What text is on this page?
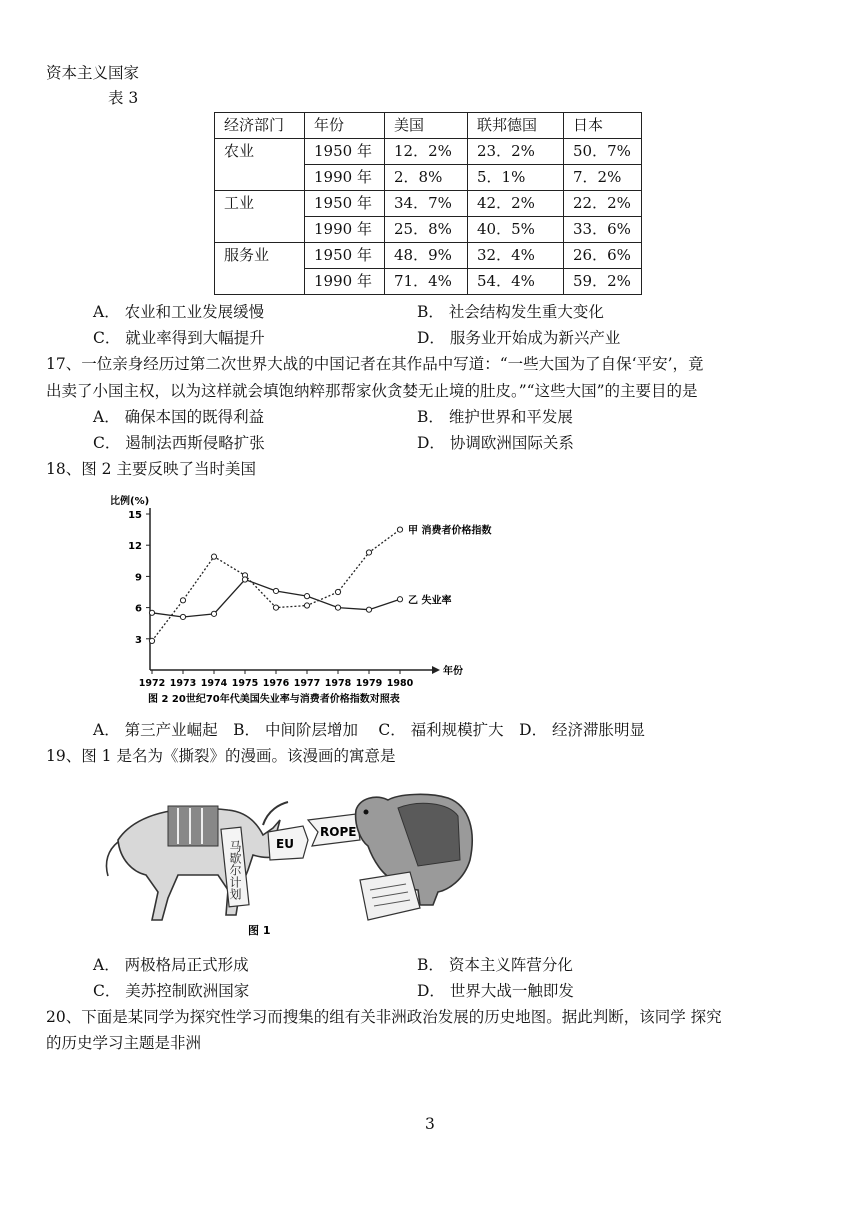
资本主义国家
表 3
经济部门	年份	美国	联邦德国	日本
农业	1950 年	12．2%	23．2%	50．7%
	1990 年	2．8%	5．1%	7．2%
工业	1950 年	34．7%	42．2%	22．2%
	1990 年	25．8%	40．5%	33．6%
服务业	1950 年	48．9%	32．4%	26．6%
	1990 年	71．4%	54．4%	59．2%
A． 农业和工业发展缓慢	B． 社会结构发生重大变化
C． 就业率得到大幅提升	D． 服务业开始成为新兴产业
17、一位亲身经历过第二次世界大战的中国记者在其作品中写道：“一些大国为了自保‘平安’，竟
出卖了小国主权，以为这样就会填饱纳粹那帮家伙贪婪无止境的肚皮。”“这些大国”的主要目的是
A． 确保本国的既得利益	B． 维护世界和平发展
C． 遏制法西斯侵略扩张	D． 协调欧洲国际关系
18、图 2 主要反映了当时美国
比例(%)
年份
3
6
9
12
15
1972 1973 1974 1975 1976 1977 1978 1979 1980
甲 消费者价格指数
乙 失业率
图 2 20世纪70年代美国失业率与消费者价格指数对照表
A． 第三产业崛起　B． 中间阶层增加　 C． 福利规模扩大　D． 经济滞胀明显
19、图 1 是名为《撕裂》的漫画。该漫画的寓意是
马歇尔计划	EU
ROPE
图 1
A． 两极格局正式形成	B． 资本主义阵营分化
C． 美苏控制欧洲国家	D． 世界大战一触即发
20、下面是某同学为探究性学习而搜集的组有关非洲政治发展的历史地图。据此判断，该同学 探究
的历史学习主题是非洲
3
